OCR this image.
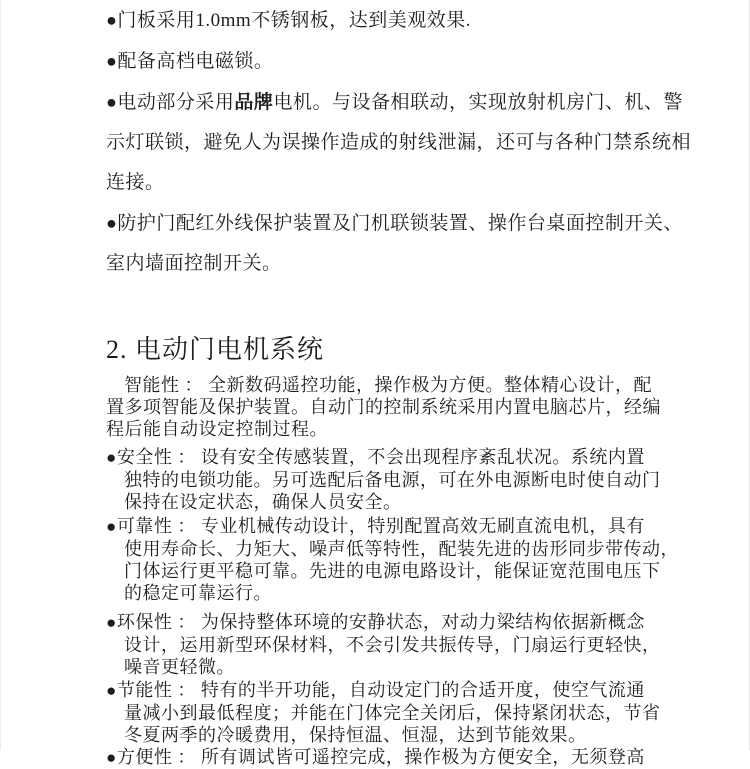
●门板采用1.0mm不锈钢板，达到美观效果.
●配备高档电磁锁。
●电动部分采用品牌电机。与设备相联动，实现放射机房门、机、警
示灯联锁，避免人为误操作造成的射线泄漏，还可与各种门禁系统相
连接。
●防护门配红外线保护装置及门机联锁装置、操作台桌面控制开关、
室内墙面控制开关。
2. 电动门电机系统
智能性 ： 全新数码遥控功能，操作极为方便。整体精心设计，配
置多项智能及保护装置。自动门的控制系统采用内置电脑芯片，经编
程后能自动设定控制过程。
●安全性 ： 设有安全传感装置，不会出现程序紊乱状况。系统内置
独特的电锁功能。另可选配后备电源，可在外电源断电时使自动门
保持在设定状态，确保人员安全。
●可靠性 ： 专业机械传动设计，特别配置高效无刷直流电机，具有
使用寿命长、力矩大、噪声低等特性，配装先进的齿形同步带传动，
门体运行更平稳可靠。先进的电源电路设计，能保证宽范围电压下
的稳定可靠运行。
●环保性 ： 为保持整体环境的安静状态，对动力梁结构依据新概念
设计，运用新型环保材料，不会引发共振传导，门扇运行更轻快，
噪音更轻微。
●节能性 ： 特有的半开功能，自动设定门的合适开度，使空气流通
量减小到最低程度；并能在门体完全关闭后，保持紧闭状态，节省
冬夏两季的冷暖费用，保持恒温、恒湿，达到节能效果。
●方便性 ： 所有调试皆可遥控完成，操作极为方便安全，无须登高
